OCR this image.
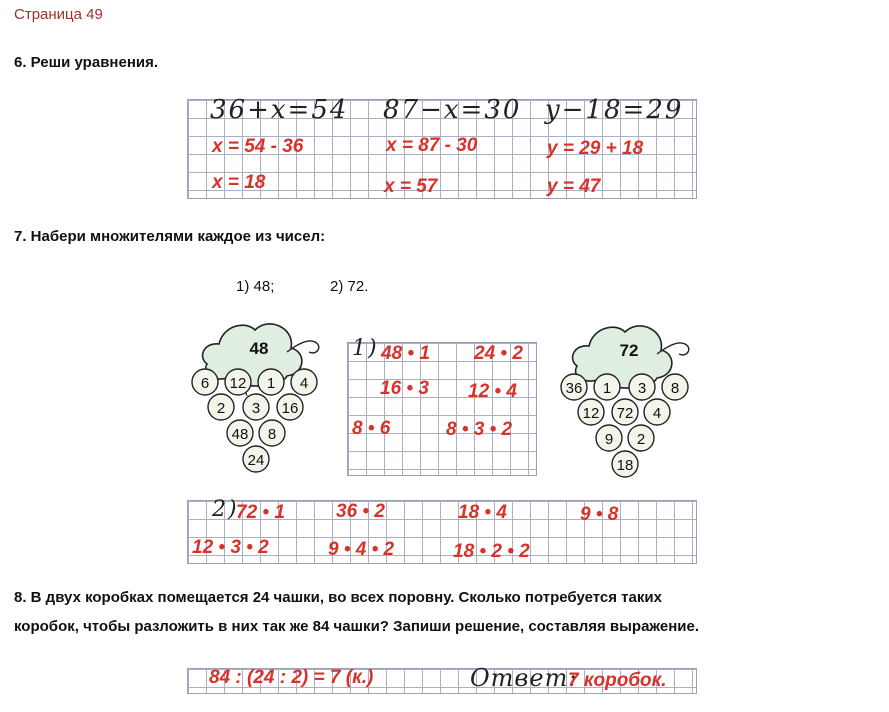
Страница 49
6. Реши уравнения.
36+x=54 87−x=30 y−18=29
x = 54 - 36
x = 18
x = 87 - 30
x = 57
y = 29 + 18
y = 47
7. Набери множителями каждое из чисел:
1) 48;	2) 72.
48
6 12 1 4
2 3 16
48 8
24
1) 48 • 1 24 • 2
16 • 3 12 • 4
8 • 6	8 • 3 • 2
72
36 1 3 8
12 72 4
9 2
18
2)
72 • 1	36 • 2	18 • 4	9 • 8
12 • 3 • 2	9 • 4 • 2	18 • 2 • 2
8. В двух коробках помещается 24 чашки, во всех поровну. Сколько потребуется таких
коробок, чтобы разложить в них так же 84 чашки? Запиши решение, составляя выражение.
84 : (24 : 2) = 7 (к.)	Ответ:
7 коробок.
